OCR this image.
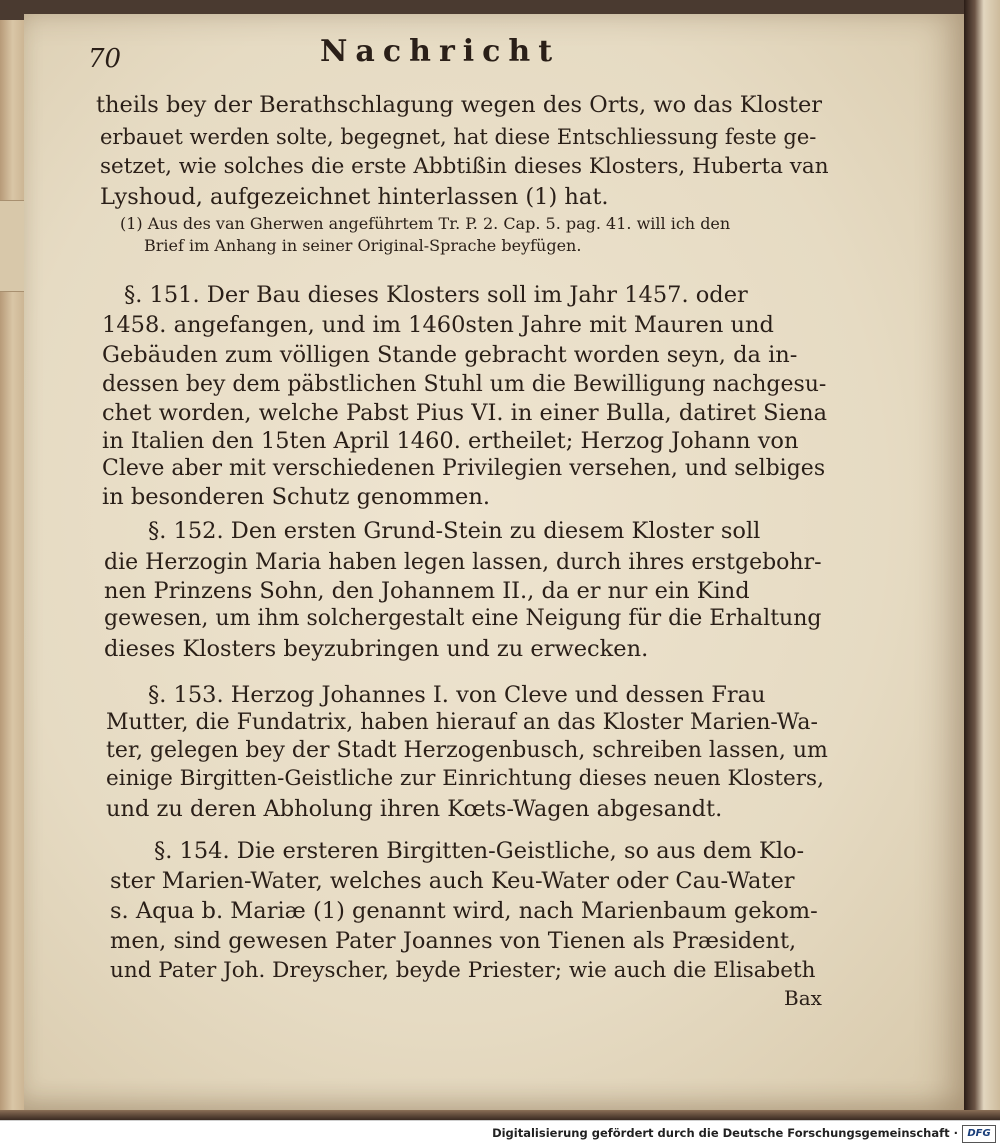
70	Nachricht
theils bey der Berathschlagung wegen des Orts, wo das Kloster
erbauet werden solte, begegnet, hat diese Entschliessung feste ge-
setzet, wie solches die erste Abbtißin dieses Klosters, Huberta van
Lyshoud, aufgezeichnet hinterlassen (1) hat.
(1) Aus des van Gherwen angeführtem Tr. P. 2. Cap. 5. pag. 41. will ich den
Brief im Anhang in seiner Original-Sprache beyfügen.
§. 151. Der Bau dieses Klosters soll im Jahr 1457. oder
1458. angefangen, und im 1460sten Jahre mit Mauren und
Gebäuden zum völligen Stande gebracht worden seyn, da in-
dessen bey dem päbstlichen Stuhl um die Bewilligung nachgesu-
chet worden, welche Pabst Pius VI. in einer Bulla, datiret Siena
in Italien den 15ten April 1460. ertheilet; Herzog Johann von
Cleve aber mit verschiedenen Privilegien versehen, und selbiges
in besonderen Schutz genommen.
§. 152. Den ersten Grund-Stein zu diesem Kloster soll
die Herzogin Maria haben legen lassen, durch ihres erstgebohr-
nen Prinzens Sohn, den Johannem II., da er nur ein Kind
gewesen, um ihm solchergestalt eine Neigung für die Erhaltung
dieses Klosters beyzubringen und zu erwecken.
§. 153. Herzog Johannes I. von Cleve und dessen Frau
Mutter, die Fundatrix, haben hierauf an das Kloster Marien-Wa-
ter, gelegen bey der Stadt Herzogenbusch, schreiben lassen, um
einige Birgitten-Geistliche zur Einrichtung dieses neuen Klosters,
und zu deren Abholung ihren Kœts-Wagen abgesandt.
§. 154. Die ersteren Birgitten-Geistliche, so aus dem Klo-
ster Marien-Water, welches auch Keu-Water oder Cau-Water
s. Aqua b. Mariæ (1) genannt wird, nach Marienbaum gekom-
men, sind gewesen Pater Joannes von Tienen als Præsident,
und Pater Joh. Dreyscher, beyde Priester; wie auch die Elisabeth
Bax
Digitalisierung gefördert durch die Deutsche Forschungsgemeinschaft · DFG
